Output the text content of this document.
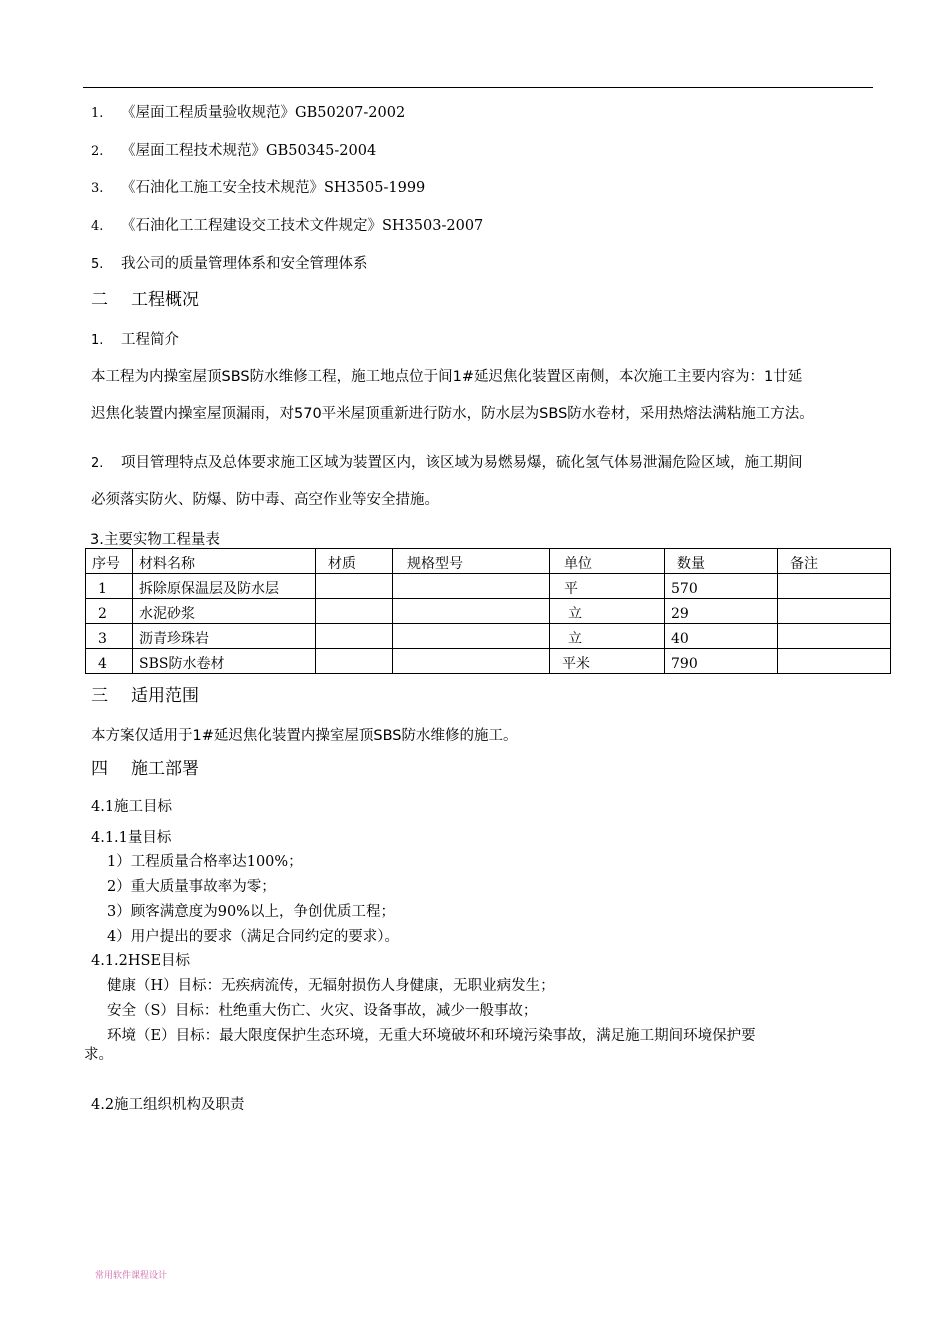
1. 《屋面工程质量验收规范》GB50207-2002
2. 《屋面工程技术规范》GB50345-2004
3. 《石油化工施工安全技术规范》SH3505-1999
4. 《石油化工工程建设交工技术文件规定》SH3503-2007
5. 我公司的质量管理体系和安全管理体系
二 工程概况
1. 工程简介
本工程为内操室屋顶SBS防水维修工程，施工地点位于间1#延迟焦化装置区南侧，本次施工主要内容为：1廿延
迟焦化装置内操室屋顶漏雨，对570平米屋顶重新进行防水，防水层为SBS防水卷材，采用热熔法满粘施工方法。
2. 项目管理特点及总体要求施工区域为装置区内，该区域为易燃易爆，硫化氢气体易泄漏危险区域，施工期间
必须落实防火、防爆、防中毒、高空作业等安全措施。
3.主要实物工程量表
序号	材料名称	材质	规格型号	单位	数量	备注
1	拆除原保温层及防水层			平	570	
2	水泥砂浆			立	29	
3	沥青珍珠岩			立	40	
4	SBS防水卷材			平米	790	
三 适用范围
本方案仅适用于1#延迟焦化装置内操室屋顶SBS防水维修的施工。
四 施工部署
4.1施工目标
4.1.1量目标
1）工程质量合格率达100%；
2）重大质量事故率为零；
3）顾客满意度为90%以上，争创优质工程；
4）用户提出的要求（满足合同约定的要求）。
4.1.2HSE目标
健康（H）目标：无疾病流传，无辐射损伤人身健康，无职业病发生；
安全（S）目标：杜绝重大伤亡、火灾、设备事故，减少一般事故；
环境（E）目标：最大限度保护生态环境，无重大环境破坏和环境污染事故，满足施工期间环境保护要
求。
4.2施工组织机构及职责
常用软件课程设计
